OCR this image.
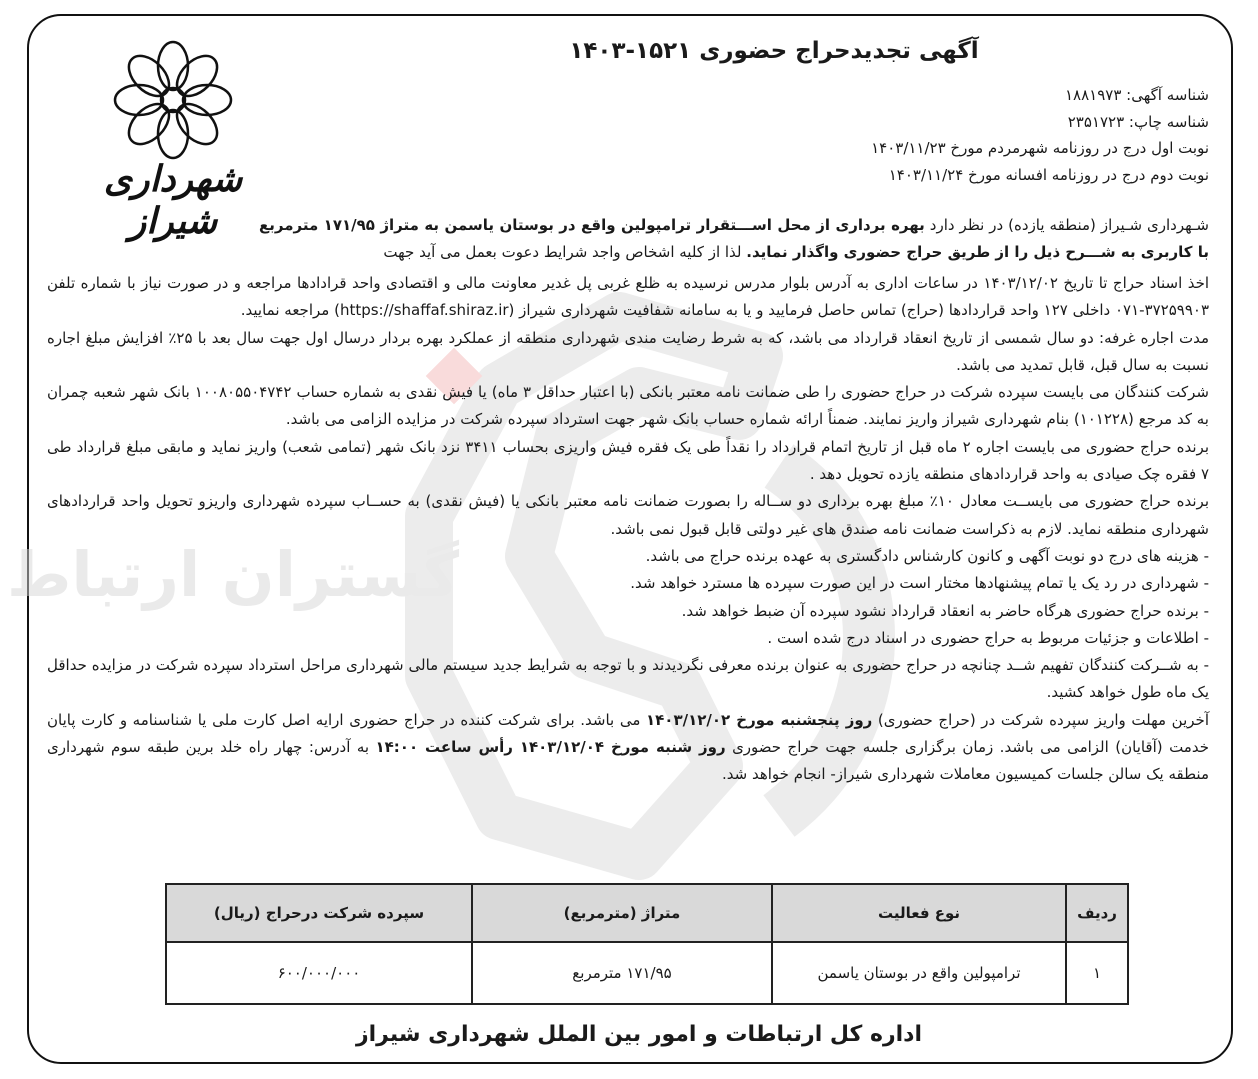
گستران ارتباط
شهرداری شیراز
آگهی تجدیدحراج حضوری ۱۵۲۱-۱۴۰۳
شناسه آگهی: ۱۸۸۱۹۷۳
شناسه چاپ: ۲۳۵۱۷۲۳
نوبت اول درج در روزنامه شهرمردم مورخ ۱۴۰۳/۱۱/۲۳
نوبت دوم درج در روزنامه افسانه مورخ ۱۴۰۳/۱۱/۲۴
شـهرداری شـیراز (منطقه یازده) در نظر دارد بهره برداری از محل اســـتقرار ترامپولین واقع در بوستان یاسمن به متراژ ۱۷۱/۹۵ مترمربع با کاربری به شـــرح ذیل را از طریق حراج حضوری واگذار نماید. لذا از کلیه اشخاص واجد شرایط دعوت بعمل می آید جهت

اخذ اسناد حراج تا تاریخ ۱۴۰۳/۱۲/۰۲ در ساعات اداری به آدرس بلوار مدرس نرسیده به ظلع غربی پل غدیر معاونت مالی و اقتصادی واحد قرادادها مراجعه و در صورت نیاز با شماره تلفن ۳۷۲۵۹۹۰۳-۰۷۱ داخلی ۱۲۷ واحد قراردادها (حراج) تماس حاصل فرمایید و یا به سامانه شفافیت شهرداری شیراز (https://shaffaf.shiraz.ir) مراجعه نمایید.

مدت اجاره غرفه: دو سال شمسی از تاریخ انعقاد قرارداد می باشد، که به شرط رضایت مندی شهرداری منطقه از عملکرد بهره بردار درسال اول جهت سال بعد با ۲۵٪ افزایش مبلغ اجاره نسبت به سال قبل، قابل تمدید می باشد.

شرکت کنندگان می بایست سپرده شرکت در حراج حضوری را طی ضمانت نامه معتبر بانکی (با اعتبار حداقل ۳ ماه) یا فیش نقدی به شماره حساب ۱۰۰۸۰۵۵۰۴۷۴۲ بانک شهر شعبه چمران به کد مرجع (۱۰۱۲۲۸) بنام شهرداری شیراز واریز نمایند. ضمناً ارائه شماره حساب بانک شهر جهت استرداد سپرده شرکت در مزایده الزامی می باشد.

برنده حراج حضوری می بایست اجاره ۲ ماه قبل از تاریخ اتمام قرارداد را نقداً طی یک فقره فیش واریزی بحساب ۳۴۱۱ نزد بانک شهر (تمامی شعب) واریز نماید و مابقی مبلغ قرارداد طی ۷ فقره چک صیادی به واحد قراردادهای منطقه یازده تحویل دهد .

برنده حراج حضوری می بایســت معادل ۱۰٪ مبلغ بهره برداری دو ســاله را بصورت ضمانت نامه معتبر بانکی یا (فیش نقدی) به حســاب سپرده شهرداری واریزو تحویل واحد قراردادهای شهرداری منطقه نماید. لازم به ذکراست ضمانت نامه صندق های غیر دولتی قابل قبول نمی باشد.

- هزینه های درج دو نوبت آگهی و کانون کارشناس دادگستری به عهده برنده حراج می باشد.

- شهرداری در رد یک یا تمام پیشنهادها مختار است در این صورت سپرده ها مسترد خواهد شد.

- برنده حراج حضوری هرگاه حاضر به انعقاد قرارداد نشود سپرده آن ضبط خواهد شد.

- اطلاعات و جزئیات مربوط به حراج حضوری در اسناد درج شده است .

- به شــرکت کنندگان تفهیم شــد چنانچه در حراج حضوری به عنوان برنده معرفی نگردیدند و با توجه به شرایط جدید سیستم مالی شهرداری مراحل استرداد سپرده شرکت در مزایده حداقل یک ماه طول خواهد کشید.

آخرین مهلت واریز سپرده شرکت در (حراج حضوری) روز پنجشنبه مورخ ۱۴۰۳/۱۲/۰۲ می باشد. برای شرکت کننده در حراج حضوری ارایه اصل کارت ملی یا شناسنامه و کارت پایان خدمت (آقایان) الزامی می باشد. زمان برگزاری جلسه جهت حراج حضوری روز شنبه مورخ ۱۴۰۳/۱۲/۰۴ رأس ساعت ۱۴:۰۰ به آدرس: چهار راه خلد برین طبقه سوم شهرداری منطقه یک سالن جلسات کمیسیون معاملات شهرداری شیراز- انجام خواهد شد.

ردیف	نوع فعالیت	متراژ (مترمربع)	سپرده شرکت درحراج (ریال)
۱	ترامپولین واقع در بوستان یاسمن	۱۷۱/۹۵ مترمربع	۶۰۰/۰۰۰/۰۰۰
اداره کل ارتباطات و امور بین الملل شهرداری شیراز
